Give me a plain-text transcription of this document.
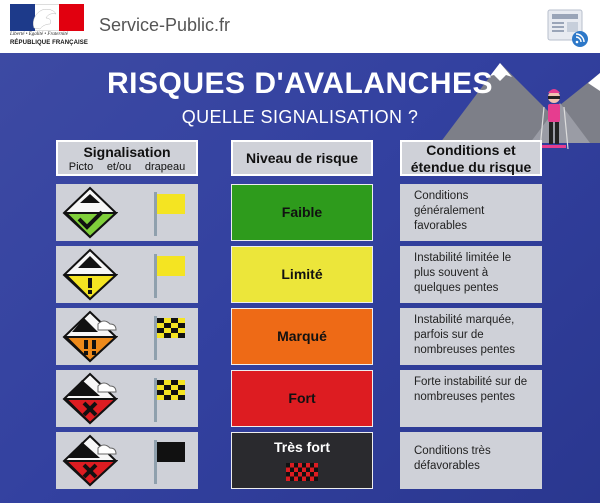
Liberté • Égalité • Fraternité
RÉPUBLIQUE FRANÇAISE
Service-Public.fr
RISQUES D'AVALANCHES
QUELLE SIGNALISATION ?
Signalisation
Picto et/ou drapeau
Niveau de risque	Conditions et étendue du risque
Faible
Conditions généralement favorables
Limité
Instabilité limitée le plus souvent à quelques pentes
Marqué
Instabilité marquée, parfois sur de nombreuses pentes
Fort
Forte instabilité sur de nombreuses pentes
Très fort	Conditions très défavorables
